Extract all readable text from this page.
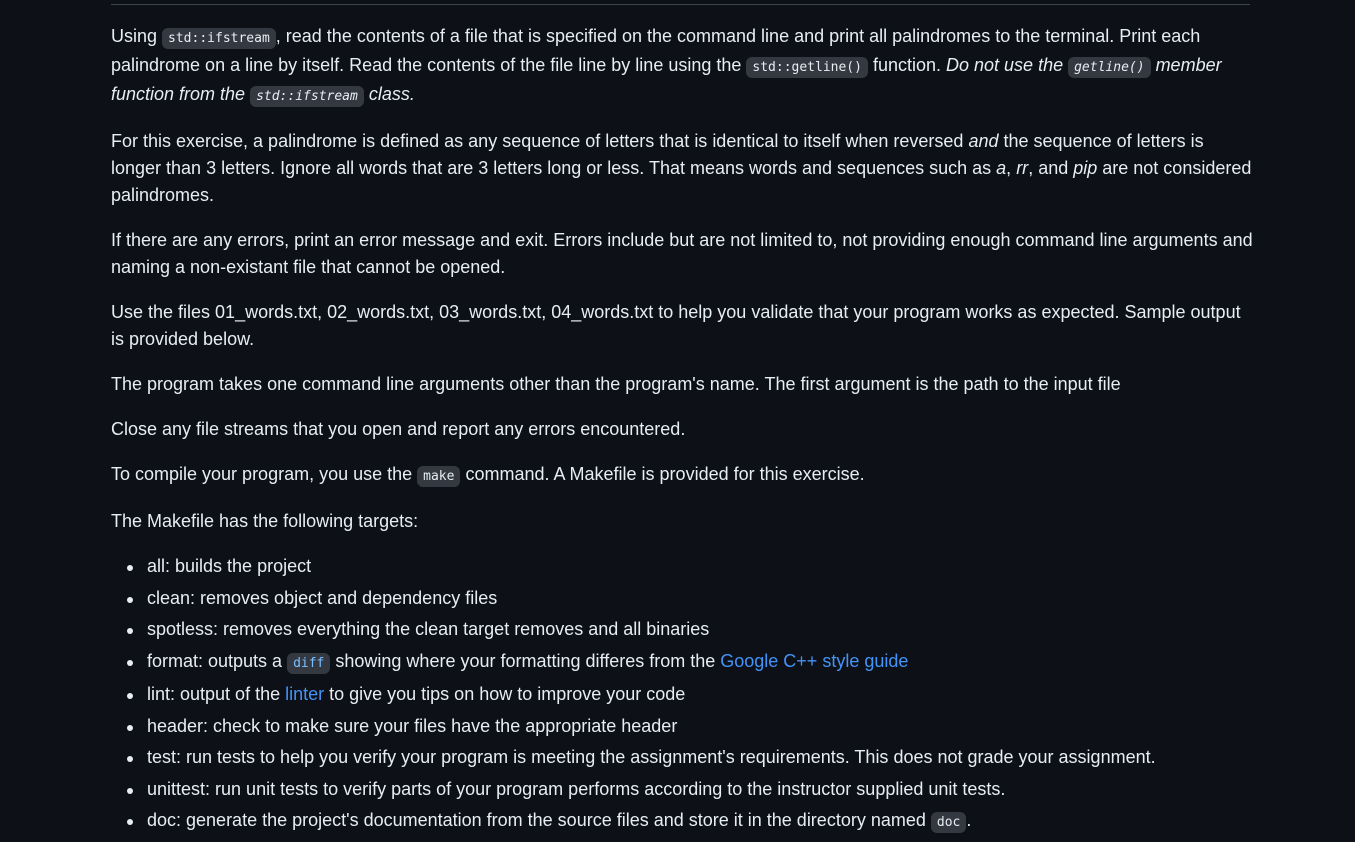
Using std::ifstream , read the contents of a file that is specified on the command line and print all palindromes to the terminal. Print each palindrome on a line by itself. Read the contents of the file line by line using the std::getline() function. Do not use the getline() member function from the std::ifstream class.

For this exercise, a palindrome is defined as any sequence of letters that is identical to itself when reversed and the sequence of letters is longer than 3 letters. Ignore all words that are 3 letters long or less. That means words and sequences such as a, rr, and pip are not considered palindromes.

If there are any errors, print an error message and exit. Errors include but are not limited to, not providing enough command line arguments and naming a non-existant file that cannot be opened.

Use the files 01_words.txt, 02_words.txt, 03_words.txt, 04_words.txt to help you validate that your program works as expected. Sample output is provided below.

The program takes one command line arguments other than the program's name. The first argument is the path to the input file

Close any file streams that you open and report any errors encountered.

To compile your program, you use the make command. A Makefile is provided for this exercise.

The Makefile has the following targets:

all: builds the project
clean: removes object and dependency files
spotless: removes everything the clean target removes and all binaries
format: outputs a diff showing where your formatting differes from the Google C++ style guide
lint: output of the linter to give you tips on how to improve your code
header: check to make sure your files have the appropriate header
test: run tests to help you verify your program is meeting the assignment's requirements. This does not grade your assignment.
unittest: run unit tests to verify parts of your program performs according to the instructor supplied unit tests.
doc: generate the project's documentation from the source files and store it in the directory named doc .
